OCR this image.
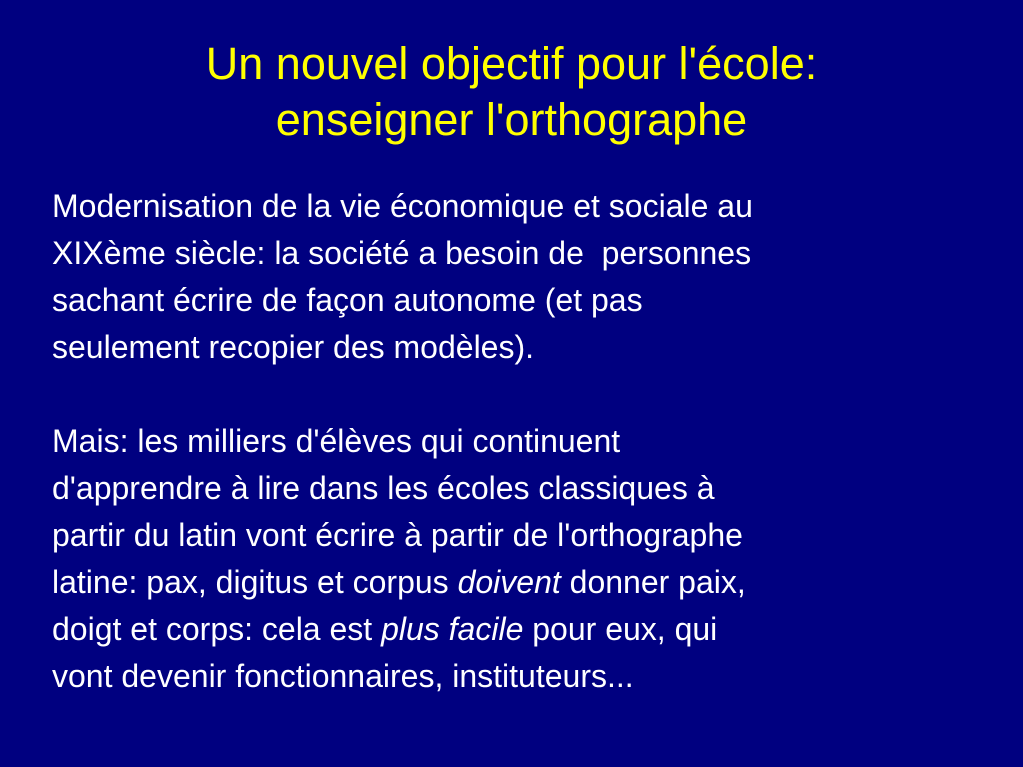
Un nouvel objectif pour l'école:
enseigner l'orthographe

Modernisation de la vie économique et sociale au
XIXème siècle: la société a besoin de  personnes
sachant écrire de façon autonome (et pas
seulement recopier des modèles).

Mais: les milliers d'élèves qui continuent
d'apprendre à lire dans les écoles classiques à
partir du latin vont écrire à partir de l'orthographe
latine: pax, digitus et corpus doivent donner paix,
doigt et corps: cela est plus facile pour eux, qui
vont devenir fonctionnaires, instituteurs...
